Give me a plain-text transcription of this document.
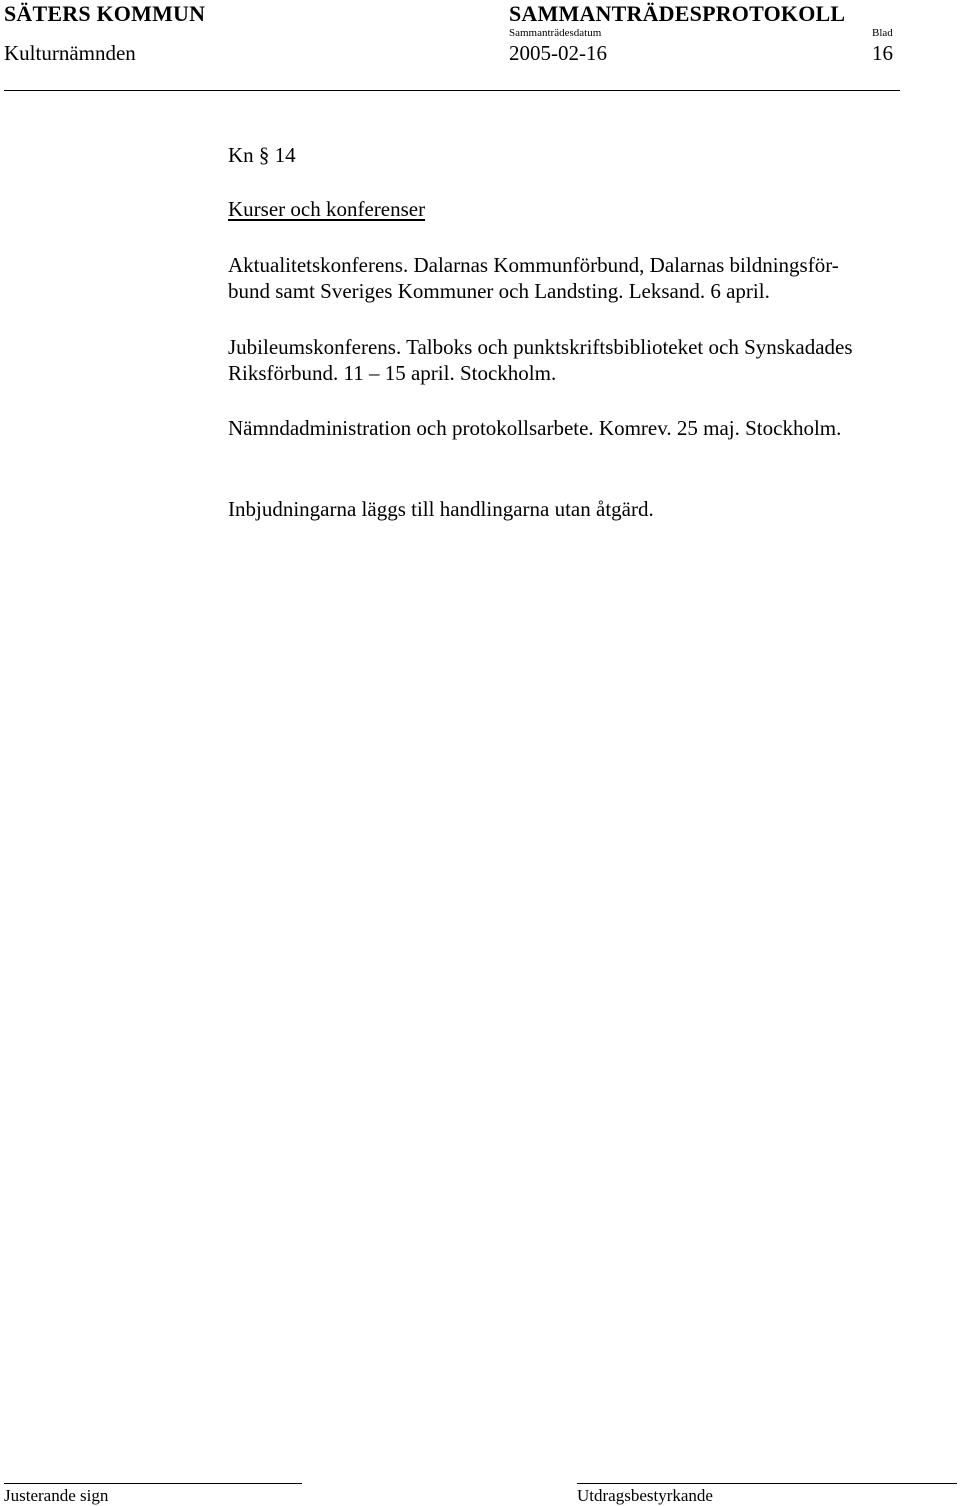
SÄTERS KOMMUN	SAMMANTRÄDESPROTOKOLL
Sammanträdesdatum	Blad
Kulturnämnden	2005-02-16	16
Kn § 14
Kurser och konferenser
Aktualitetskonferens. Dalarnas Kommunförbund, Dalarnas bildningsför-
bund samt Sveriges Kommuner och Landsting. Leksand. 6 april.
Jubileumskonferens. Talboks och punktskriftsbiblioteket och Synskadades
Riksförbund. 11 – 15 april. Stockholm.
Nämndadministration och protokollsarbete. Komrev. 25 maj. Stockholm.
Inbjudningarna läggs till handlingarna utan åtgärd.
Justerande sign	Utdragsbestyrkande
